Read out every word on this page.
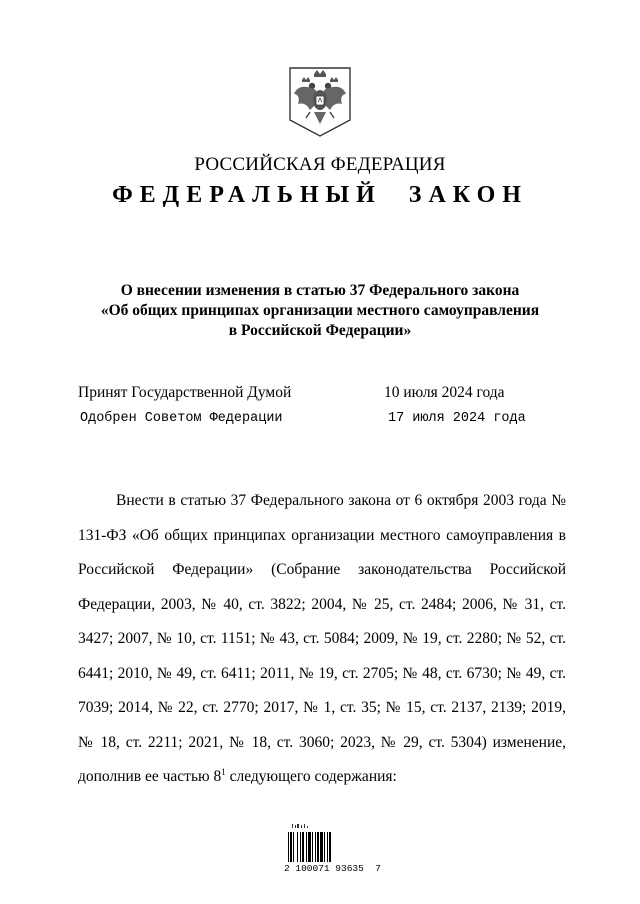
РОССИЙСКАЯ ФЕДЕРАЦИЯ
ФЕДЕРАЛЬНЫЙ ЗАКОН
О внесении изменения в статью 37 Федерального закона
«Об общих принципах организации местного самоуправления
в Российской Федерации»
Принят Государственной Думой	10 июля 2024 года
Одобрен Советом Федерации	17 июля 2024 года

Внести в статью 37 Федерального закона от 6 октября 2003 года № 131-ФЗ «Об общих принципах организации местного самоуправления в Российской Федерации» (Собрание законодательства Российской Федерации, 2003, № 40, ст. 3822; 2004, № 25, ст. 2484; 2006, № 31, ст. 3427; 2007, № 10, ст. 1151; № 43, ст. 5084; 2009, № 19, ст. 2280; № 52, ст. 6441; 2010, № 49, ст. 6411; 2011, № 19, ст. 2705; № 48, ст. 6730; № 49, ст. 7039; 2014, № 22, ст. 2770; 2017, № 1, ст. 35; № 15, ст. 2137, 2139; 2019, № 18, ст. 2211; 2021, № 18, ст. 3060; 2023, № 29, ст. 5304) изменение, дополнив ее частью $8^1$ следующего содержания:

2 100071 93635  7
